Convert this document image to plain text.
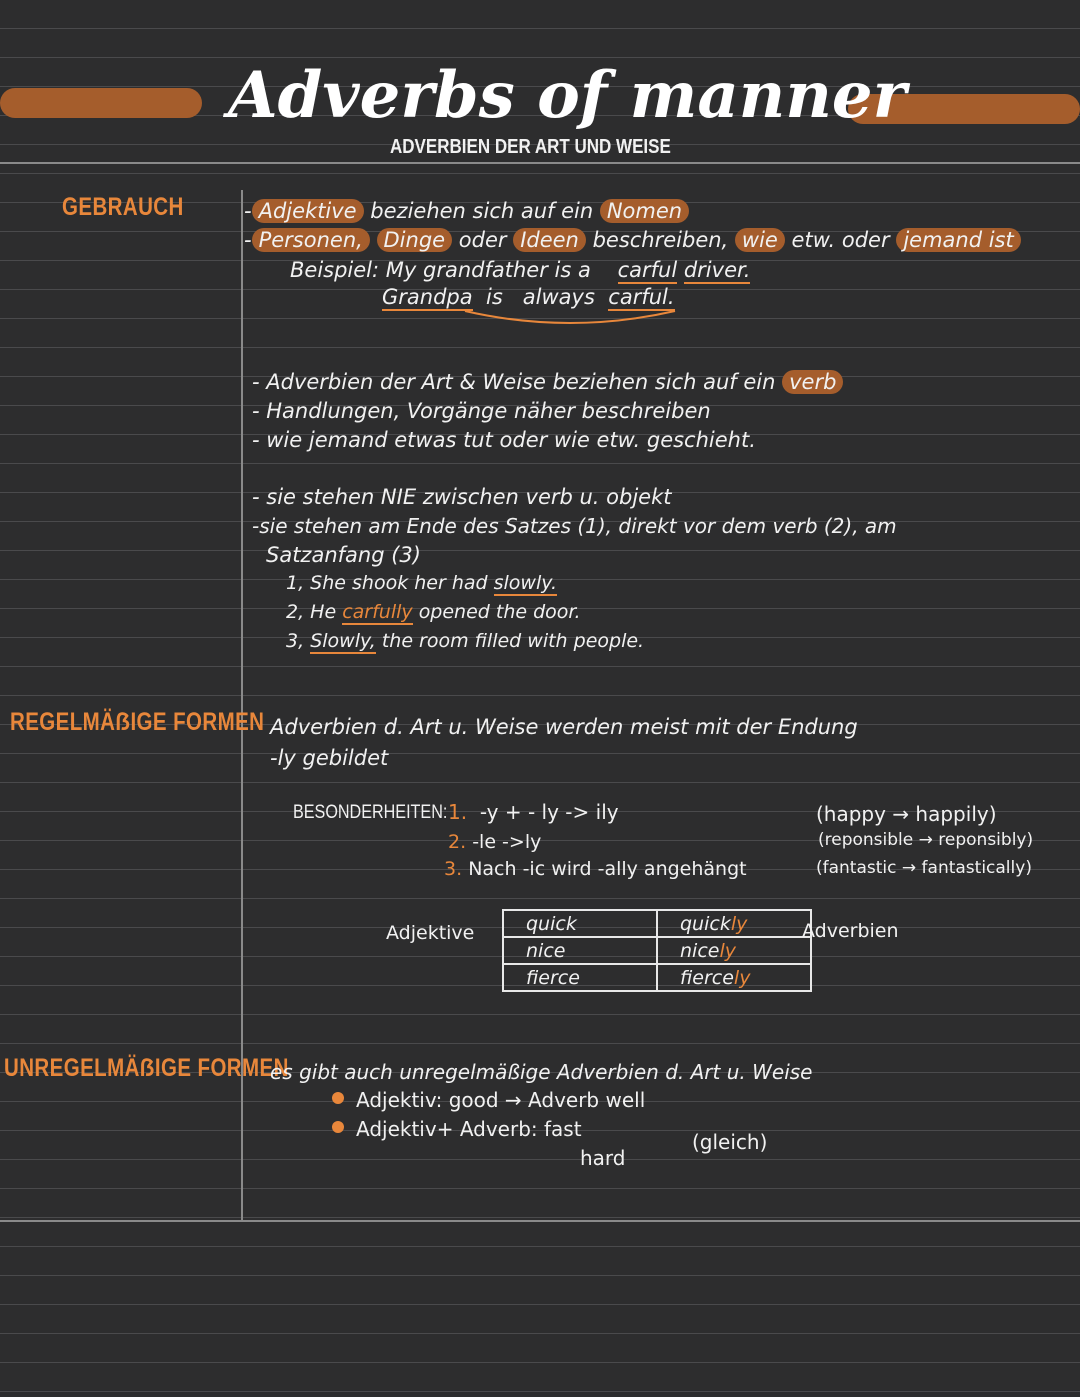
Adverbs of manner
ADVERBIEN DER ART UND WEISE
GEBRAUCH	- Adjektive beziehen sich auf ein Nomen
- Personen, Dinge oder Ideen beschreiben, wie etw. oder jemand ist
Beispiel: My grandfather is a carful driver.
Grandpa is always carful.
- Adverbien der Art & Weise beziehen sich auf ein verb
- Handlungen, Vorgänge näher beschreiben
- wie jemand etwas tut oder wie etw. geschieht.
- sie stehen NIE zwischen verb u. objekt
-sie stehen am Ende des Satzes (1), direkt vor dem verb (2), am
Satzanfang (3)
1, She shook her had slowly.
2, He carfully opened the door.
3, Slowly, the room filled with people.
REGELMÄẞIGE FORMEN Adverbien d. Art u. Weise werden meist mit der Endung
-ly gebildet
BESONDERHEITEN: 1. -y + - ly -> ily
2. -le ->ly
3. Nach -ic wird -ally angehängt
(happy → happily)
(reponsible → reponsibly)
(fantastic → fantastically)
Adjektive	quick	quickly
nice	nicely
fierce	fiercely
Adverbien
UNREGELMÄẞIGE FORMEN
es gibt auch unregelmäßige Adverbien d. Art u. Weise
Adjektiv: good → Adverb well
Adjektiv+ Adverb: fast
hard
(gleich)
